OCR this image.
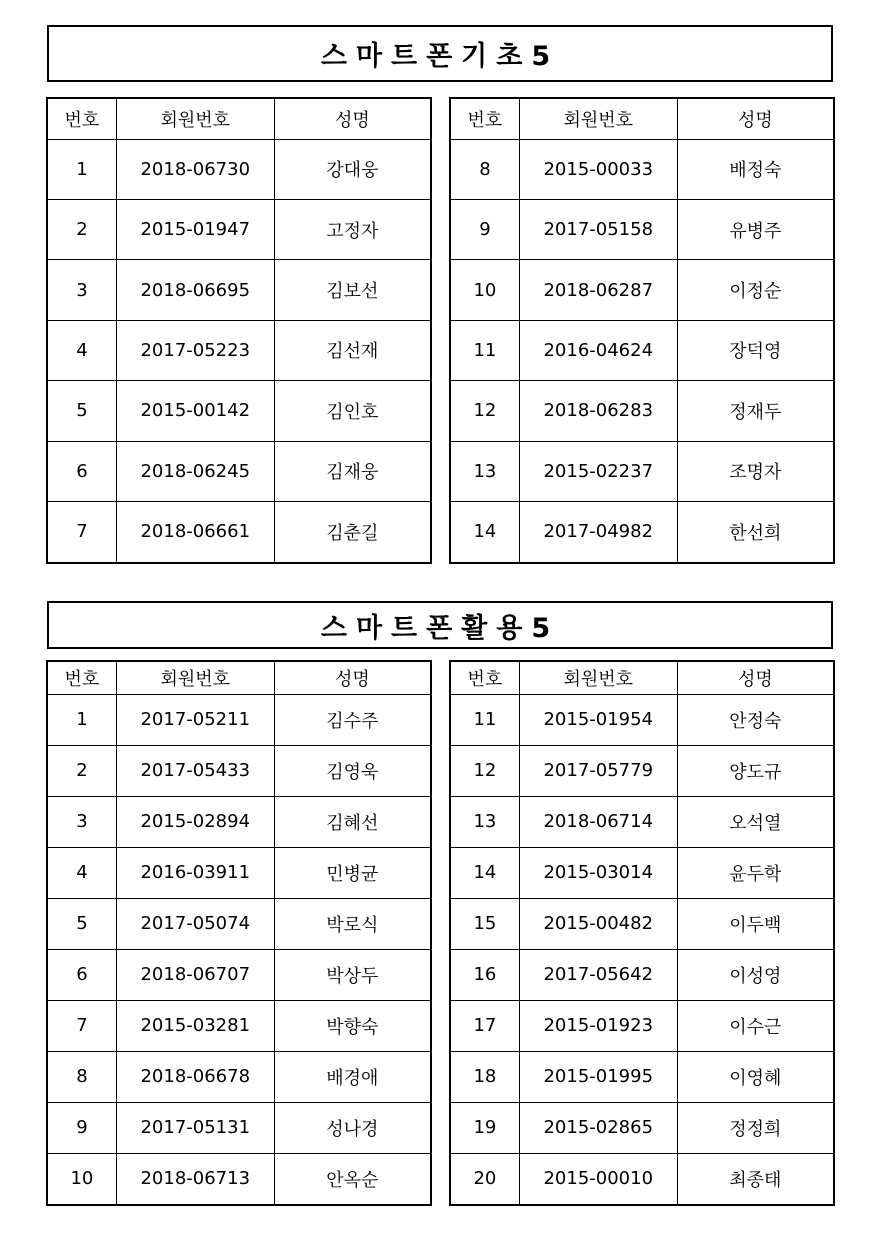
스마트폰기초5
번호	회원번호	성명
1	2018-06730	강대웅
2	2015-01947	고정자
3	2018-06695	김보선
4	2017-05223	김선재
5	2015-00142	김인호
6	2018-06245	김재웅
7	2018-06661	김춘길
번호	회원번호	성명
8	2015-00033	배정숙
9	2017-05158	유병주
10	2018-06287	이정순
11	2016-04624	장덕영
12	2018-06283	정재두
13	2015-02237	조명자
14	2017-04982	한선희
스마트폰활용5
번호	회원번호	성명
1	2017-05211	김수주
2	2017-05433	김영욱
3	2015-02894	김혜선
4	2016-03911	민병균
5	2017-05074	박로식
6	2018-06707	박상두
7	2015-03281	박향숙
8	2018-06678	배경애
9	2017-05131	성나경
10	2018-06713	안옥순
번호	회원번호	성명
11	2015-01954	안정숙
12	2017-05779	양도규
13	2018-06714	오석열
14	2015-03014	윤두학
15	2015-00482	이두백
16	2017-05642	이성영
17	2015-01923	이수근
18	2015-01995	이영혜
19	2015-02865	정정희
20	2015-00010	최종태
